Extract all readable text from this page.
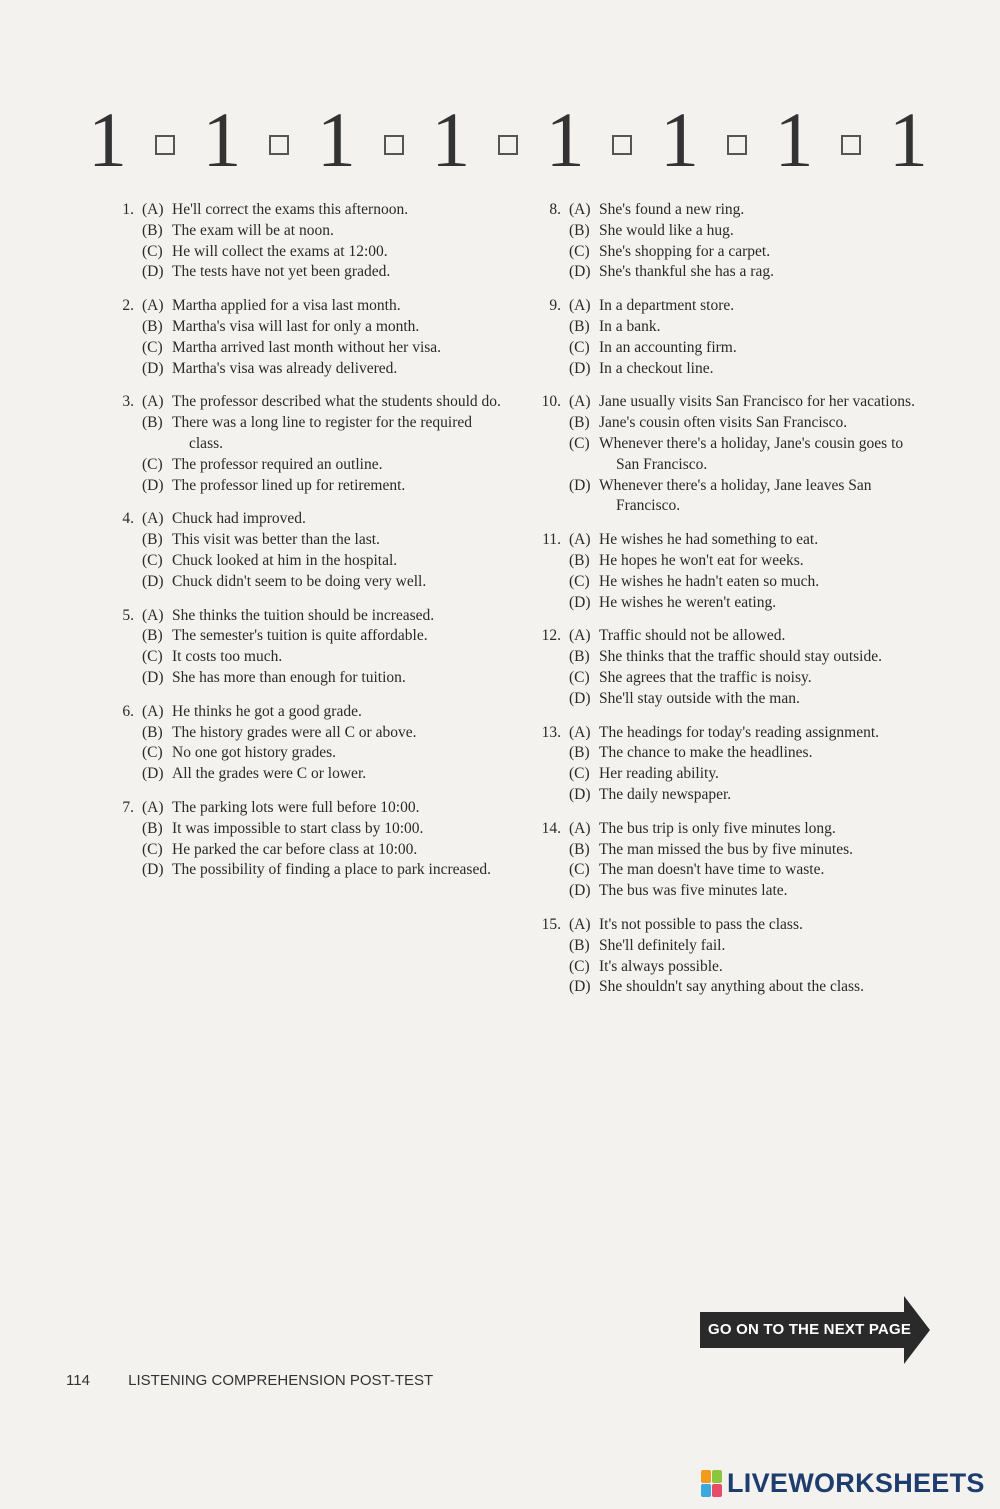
1 1 1 1 1 1 1 1
1. (A) He'll correct the exams this afternoon.
(B) The exam will be at noon.
(C) He will collect the exams at 12:00.
(D) The tests have not yet been graded.
2. (A) Martha applied for a visa last month.
(B) Martha's visa will last for only a month.
(C) Martha arrived last month without her visa.
(D) Martha's visa was already delivered.
3. (A) The professor described what the students should do.
(B) There was a long line to register for the required class.
(C) The professor required an outline.
(D) The professor lined up for retirement.
4. (A) Chuck had improved.
(B) This visit was better than the last.
(C) Chuck looked at him in the hospital.
(D) Chuck didn't seem to be doing very well.
5. (A) She thinks the tuition should be increased.
(B) The semester's tuition is quite affordable.
(C) It costs too much.
(D) She has more than enough for tuition.
6. (A) He thinks he got a good grade.
(B) The history grades were all C or above.
(C) No one got history grades.
(D) All the grades were C or lower.
7. (A) The parking lots were full before 10:00.
(B) It was impossible to start class by 10:00.
(C) He parked the car before class at 10:00.
(D) The possibility of finding a place to park increased.
8. (A) She's found a new ring.
(B) She would like a hug.
(C) She's shopping for a carpet.
(D) She's thankful she has a rag.
9. (A) In a department store.
(B) In a bank.
(C) In an accounting firm.
(D) In a checkout line.
10. (A) Jane usually visits San Francisco for her vacations.
(B) Jane's cousin often visits San Francisco.
(C) Whenever there's a holiday, Jane's cousin goes to San Francisco.
(D) Whenever there's a holiday, Jane leaves San Francisco.
11. (A) He wishes he had something to eat.
(B) He hopes he won't eat for weeks.
(C) He wishes he hadn't eaten so much.
(D) He wishes he weren't eating.
12. (A) Traffic should not be allowed.
(B) She thinks that the traffic should stay outside.
(C) She agrees that the traffic is noisy.
(D) She'll stay outside with the man.
13. (A) The headings for today's reading assignment.
(B) The chance to make the headlines.
(C) Her reading ability.
(D) The daily newspaper.
14. (A) The bus trip is only five minutes long.
(B) The man missed the bus by five minutes.
(C) The man doesn't have time to waste.
(D) The bus was five minutes late.
15. (A) It's not possible to pass the class.
(B) She'll definitely fail.
(C) It's always possible.
(D) She shouldn't say anything about the class.
GO ON TO THE NEXT PAGE
114	LISTENING COMPREHENSION POST-TEST
LIVEWORKSHEETS
